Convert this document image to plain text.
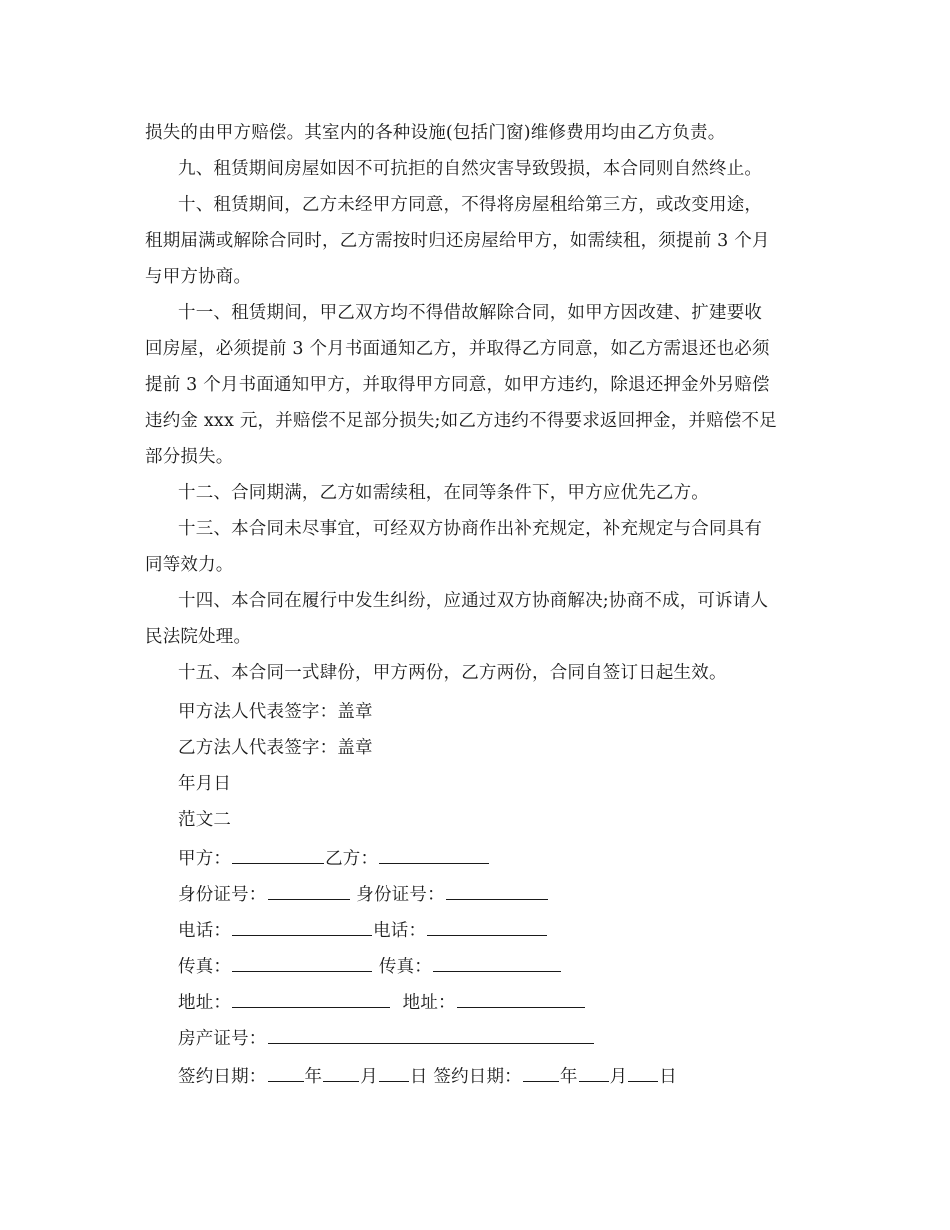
损失的由甲方赔偿。其室内的各种设施(包括门窗)维修费用均由乙方负责。
九、租赁期间房屋如因不可抗拒的自然灾害导致毁损，本合同则自然终止。
十、租赁期间，乙方未经甲方同意，不得将房屋租给第三方，或改变用途，
租期届满或解除合同时，乙方需按时归还房屋给甲方，如需续租，须提前 3 个月
与甲方协商。
十一、租赁期间，甲乙双方均不得借故解除合同，如甲方因改建、扩建要收
回房屋，必须提前 3 个月书面通知乙方，并取得乙方同意，如乙方需退还也必须
提前 3 个月书面通知甲方，并取得甲方同意，如甲方违约，除退还押金外另赔偿
违约金 xxx 元，并赔偿不足部分损失;如乙方违约不得要求返回押金，并赔偿不足
部分损失。
十二、合同期满，乙方如需续租，在同等条件下，甲方应优先乙方。
十三、本合同未尽事宜，可经双方协商作出补充规定，补充规定与合同具有
同等效力。
十四、本合同在履行中发生纠纷，应通过双方协商解决;协商不成，可诉请人
民法院处理。
十五、本合同一式肆份，甲方两份，乙方两份，合同自签订日起生效。
甲方法人代表签字：盖章
乙方法人代表签字：盖章
年月日
范文二
甲方：	乙方：
身份证号：	身份证号：
电话：	电话：
传真：	传真：
地址：	地址：
房产证号：
签约日期： 年 月 日 签约日期： 年 月 日
